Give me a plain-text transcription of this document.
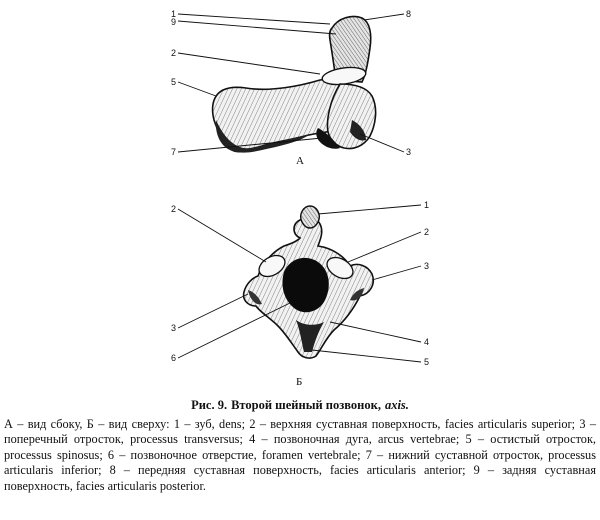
1
9
2
5
8
7	3
А
2	1
2
3
3
4
6	5
Б
Рис. 9. Второй шейный позвонок, axis.

А – вид сбоку, Б – вид сверху: 1 – зуб, dens; 2 – верхняя суставная поверхность, facies articularis superior; 3 – поперечный отросток, processus transversus; 4 – позвоночная дуга, arcus vertebrae; 5 – остистый отросток, processus spinosus; 6 – позвоночное отверстие, foramen vertebrale; 7 – нижний суставной отросток, processus articularis inferior; 8 – передняя суставная поверхность, facies articularis anterior; 9 – задняя суставная поверхность, facies articularis posterior.
